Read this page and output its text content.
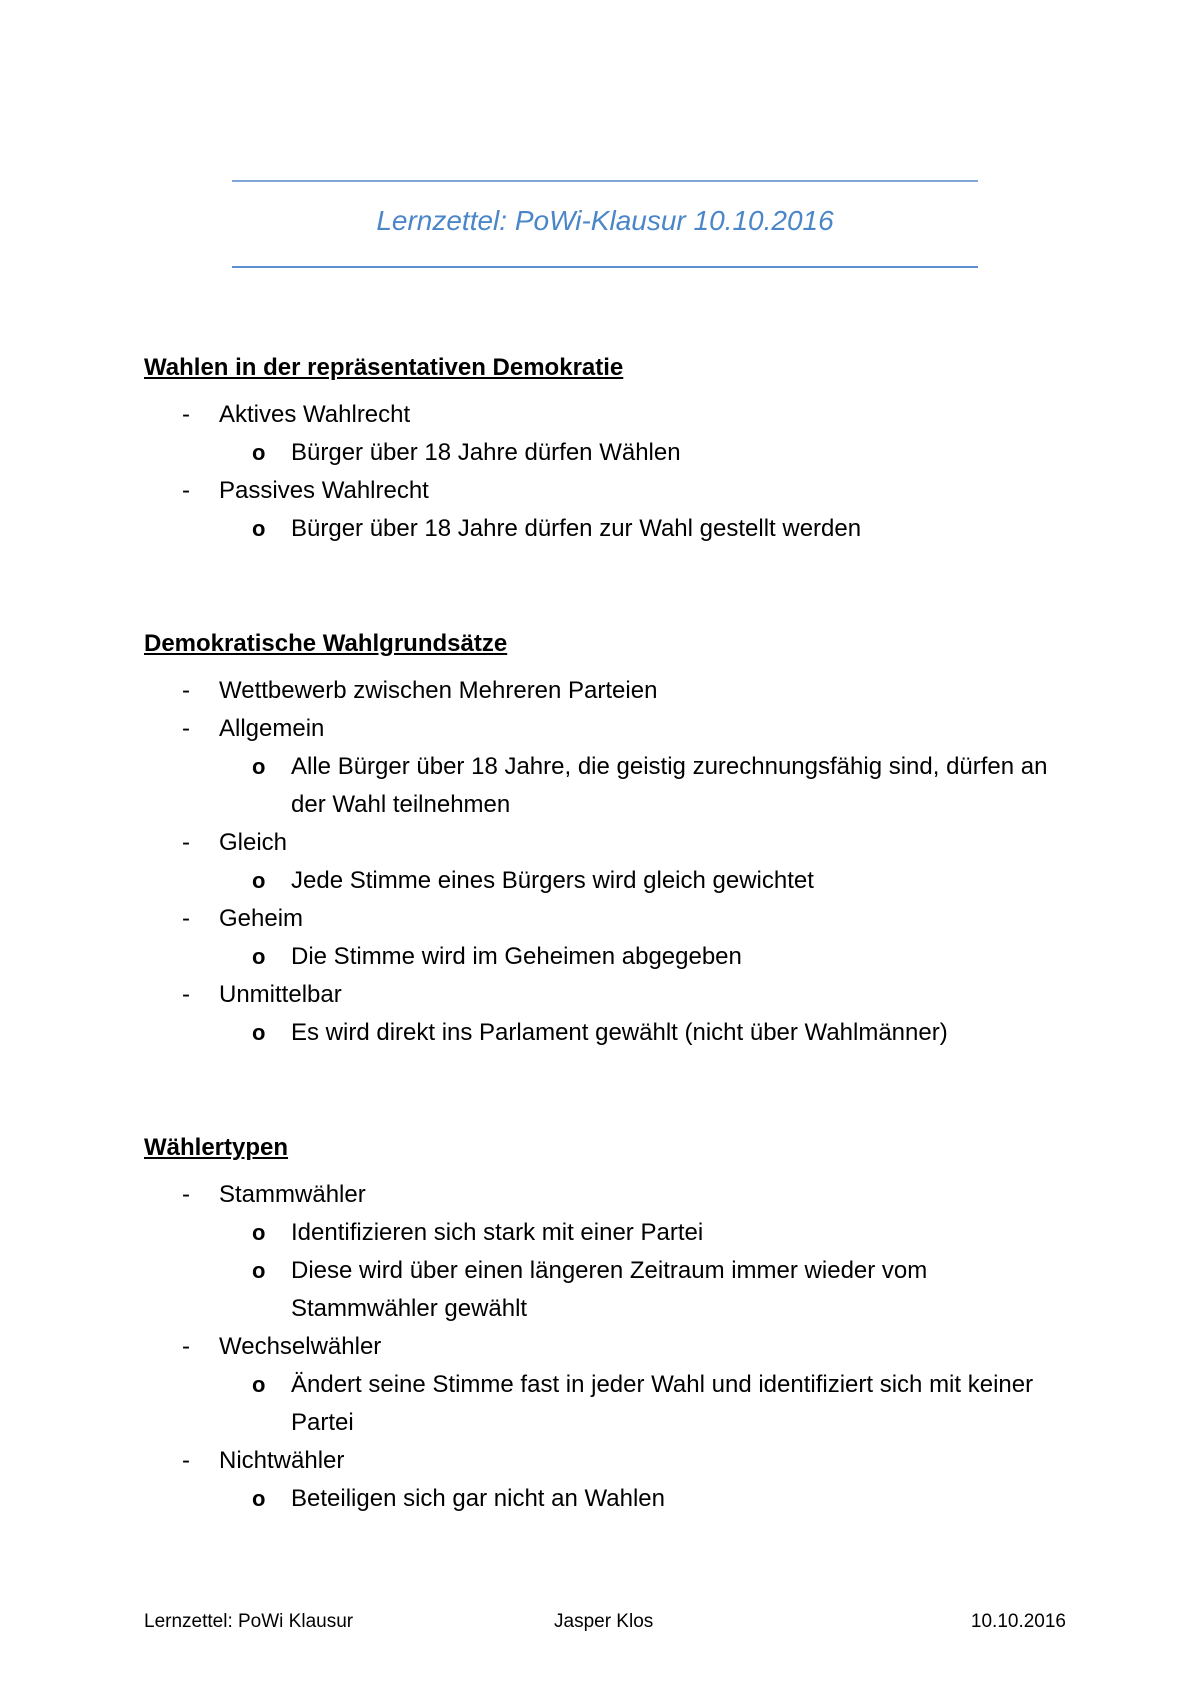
Lernzettel: PoWi-Klausur 10.10.2016
Wahlen in der repräsentativen Demokratie
- Aktives Wahlrecht
o Bürger über 18 Jahre dürfen Wählen
- Passives Wahlrecht
o Bürger über 18 Jahre dürfen zur Wahl gestellt werden
Demokratische Wahlgrundsätze
- Wettbewerb zwischen Mehreren Parteien
- Allgemein
o Alle Bürger über 18 Jahre, die geistig zurechnungsfähig sind, dürfen an der Wahl teilnehmen
- Gleich
o Jede Stimme eines Bürgers wird gleich gewichtet
- Geheim
o Die Stimme wird im Geheimen abgegeben
- Unmittelbar
o Es wird direkt ins Parlament gewählt (nicht über Wahlmänner)
Wählertypen
- Stammwähler
o Identifizieren sich stark mit einer Partei
o Diese wird über einen längeren Zeitraum immer wieder vom Stammwähler gewählt
- Wechselwähler
o Ändert seine Stimme fast in jeder Wahl und identifiziert sich mit keiner Partei
- Nichtwähler
o Beteiligen sich gar nicht an Wahlen
Lernzettel: PoWi Klausur	Jasper Klos	10.10.2016
